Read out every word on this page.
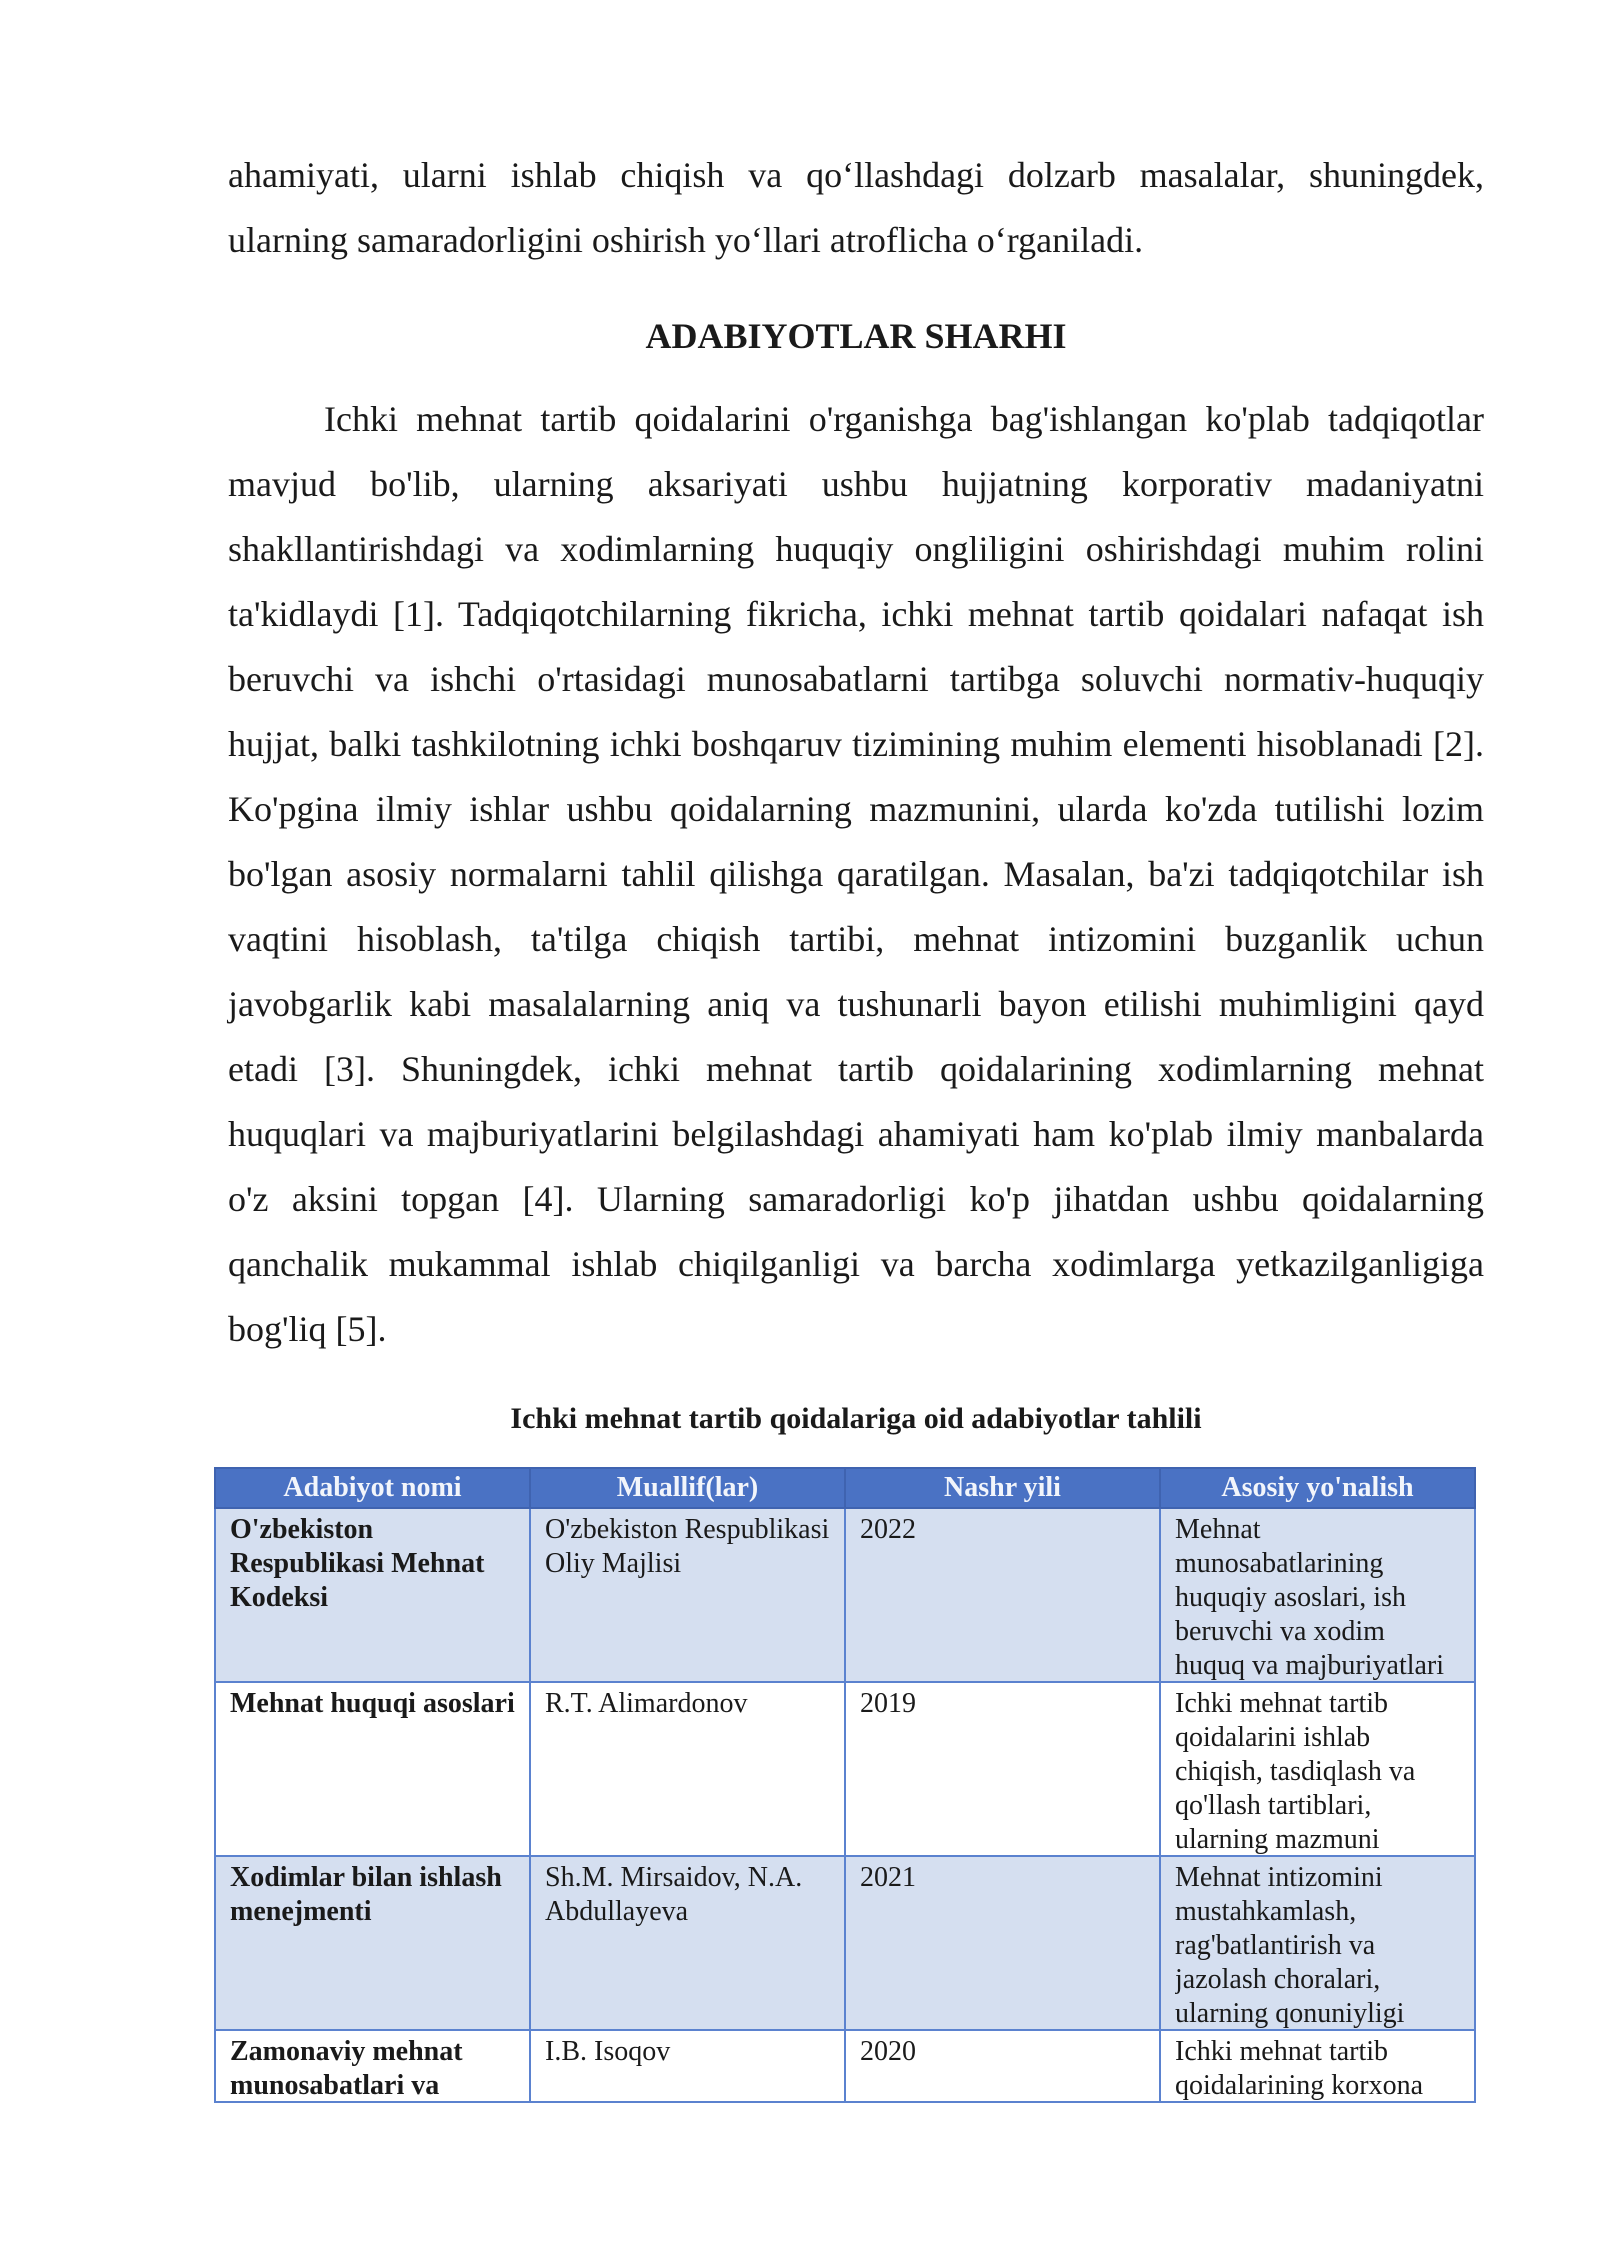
ahamiyati, ularni ishlab chiqish va qo‘llashdagi dolzarb masalalar, shuningdek, ularning samaradorligini oshirish yo‘llari atroflicha o‘rganiladi.

ADABIYOTLAR SHARHI

Ichki mehnat tartib qoidalarini o'rganishga bag'ishlangan ko'plab tadqiqotlar mavjud bo'lib, ularning aksariyati ushbu hujjatning korporativ madaniyatni shakllantirishdagi va xodimlarning huquqiy ongliligini oshirishdagi muhim rolini ta'kidlaydi [1]. Tadqiqotchilarning fikricha, ichki mehnat tartib qoidalari nafaqat ish beruvchi va ishchi o'rtasidagi munosabatlarni tartibga soluvchi normativ-huquqiy hujjat, balki tashkilotning ichki boshqaruv tizimining muhim elementi hisoblanadi [2]. Ko'pgina ilmiy ishlar ushbu qoidalarning mazmunini, ularda ko'zda tutilishi lozim bo'lgan asosiy normalarni tahlil qilishga qaratilgan. Masalan, ba'zi tadqiqotchilar ish vaqtini hisoblash, ta'tilga chiqish tartibi, mehnat intizomini buzganlik uchun javobgarlik kabi masalalarning aniq va tushunarli bayon etilishi muhimligini qayd etadi [3]. Shuningdek, ichki mehnat tartib qoidalarining xodimlarning mehnat huquqlari va majburiyatlarini belgilashdagi ahamiyati ham ko'plab ilmiy manbalarda o'z aksini topgan [4]. Ularning samaradorligi ko'p jihatdan ushbu qoidalarning qanchalik mukammal ishlab chiqilganligi va barcha xodimlarga yetkazilganligiga bog'liq [5].

Ichki mehnat tartib qoidalariga oid adabiyotlar tahlili
Adabiyot nomi	Muallif(lar)	Nashr yili	Asosiy yo'nalish

O'zbekiston Respublikasi Mehnat Kodeksi	O'zbekiston Respublikasi Oliy Majlisi	2022	Mehnat munosabatlarining huquqiy asoslari, ish beruvchi va xodim huquq va majburiyatlari

Mehnat huquqi asoslari	R.T. Alimardonov	2019	Ichki mehnat tartib qoidalarini ishlab chiqish, tasdiqlash va qo'llash tartiblari, ularning mazmuni

Xodimlar bilan ishlash menejmenti	Sh.M. Mirsaidov, N.A. Abdullayeva	2021	Mehnat intizomini mustahkamlash, rag'batlantirish va jazolash choralari, ularning qonuniyligi

Zamonaviy mehnat munosabatlari va	I.B. Isoqov	2020	Ichki mehnat tartib qoidalarining korxona
